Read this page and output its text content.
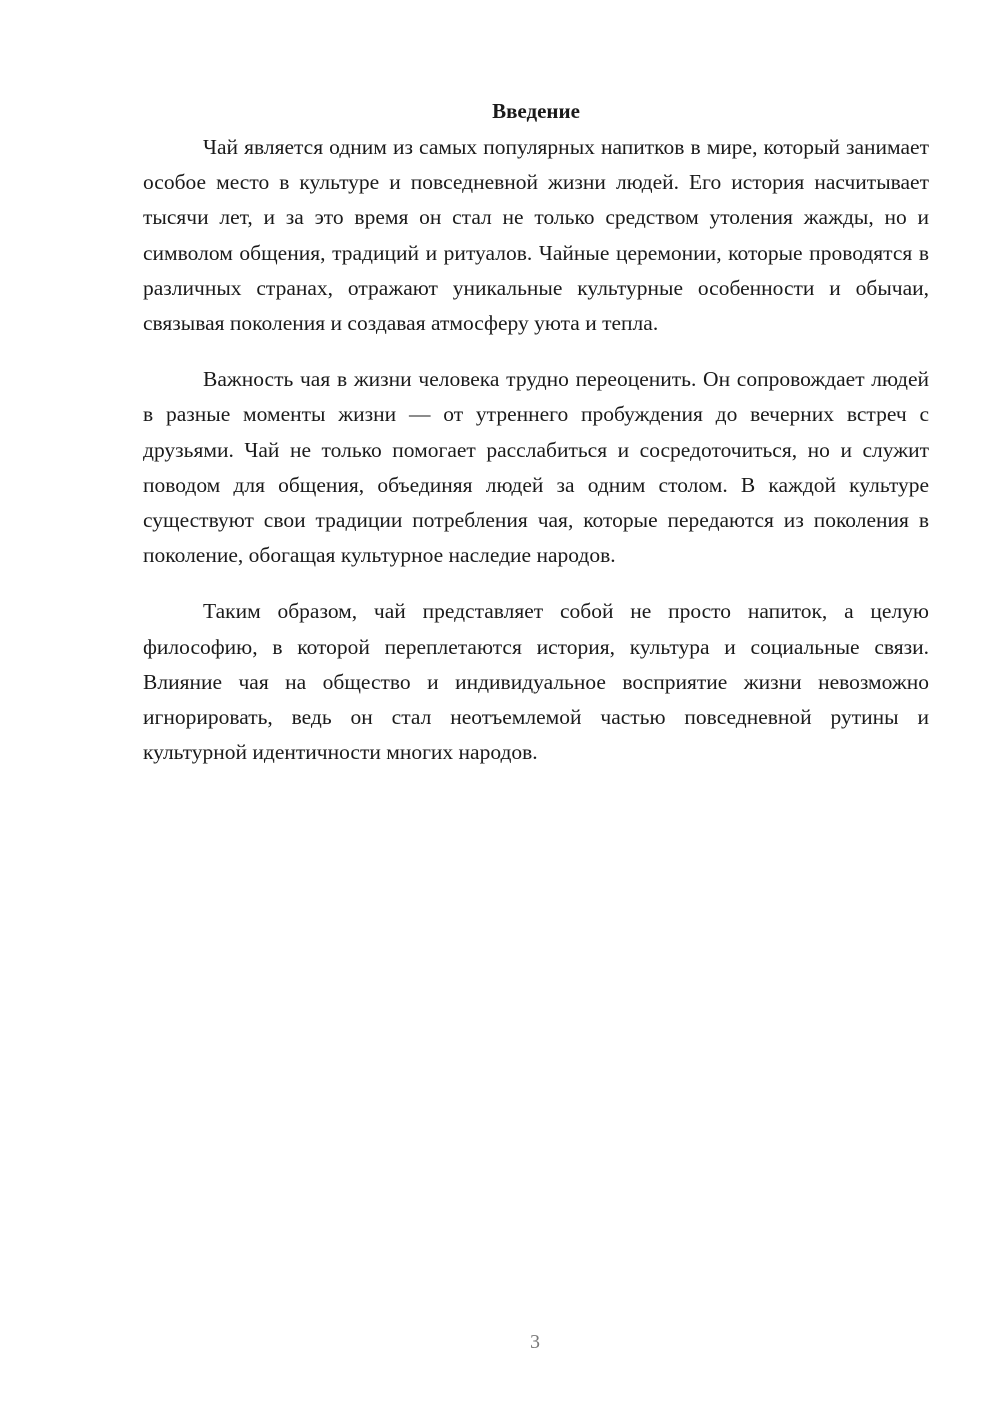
Введение

Чай является одним из самых популярных напитков в мире, который занимает особое место в культуре и повседневной жизни людей. Его история насчитывает тысячи лет, и за это время он стал не только средством утоления жажды, но и символом общения, традиций и ритуалов. Чайные церемонии, которые проводятся в различных странах, отражают уникальные культурные особенности и обычаи, связывая поколения и создавая атмосферу уюта и тепла.

Важность чая в жизни человека трудно переоценить. Он сопровождает людей в разные моменты жизни — от утреннего пробуждения до вечерних встреч с друзьями. Чай не только помогает расслабиться и сосредоточиться, но и служит поводом для общения, объединяя людей за одним столом. В каждой культуре существуют свои традиции потребления чая, которые передаются из поколения в поколение, обогащая культурное наследие народов.

Таким образом, чай представляет собой не просто напиток, а целую философию, в которой переплетаются история, культура и социальные связи. Влияние чая на общество и индивидуальное восприятие жизни невозможно игнорировать, ведь он стал неотъемлемой частью повседневной рутины и культурной идентичности многих народов.

3
